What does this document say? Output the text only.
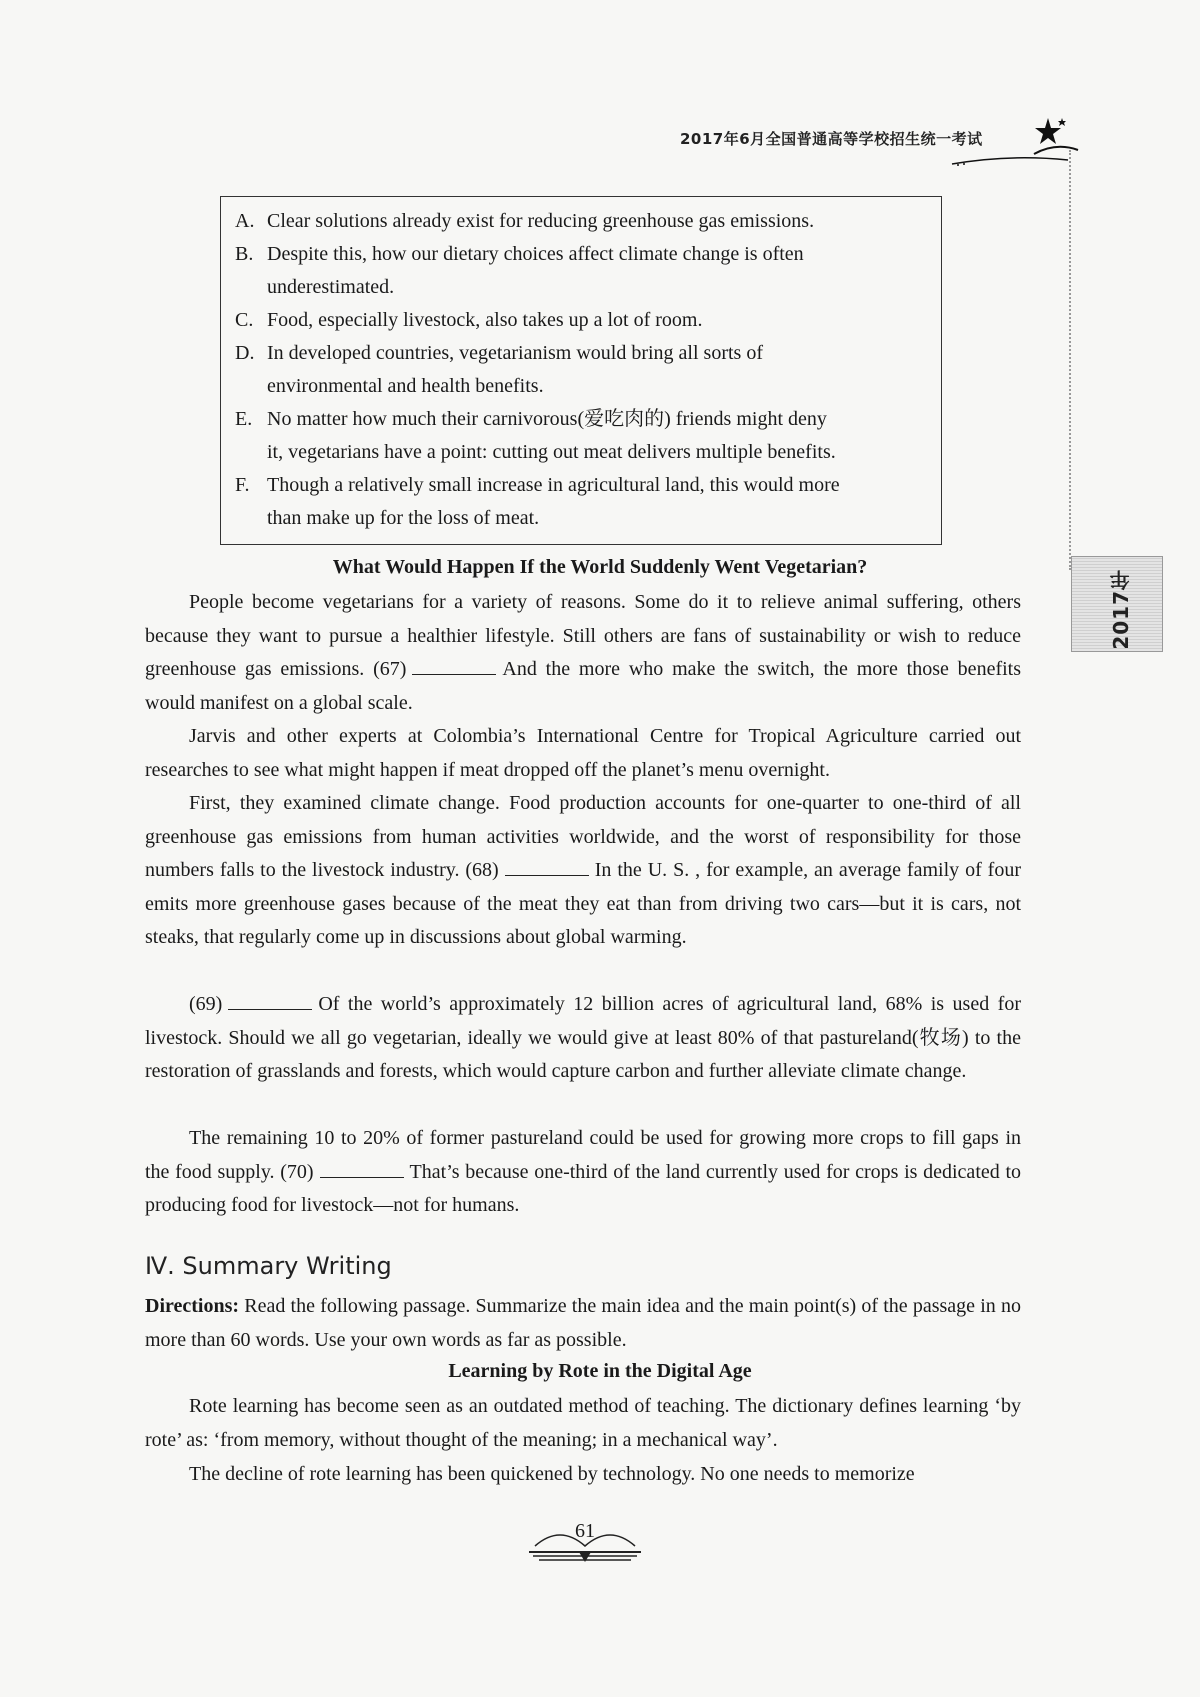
2017年6月全国普通高等学校招生统一考试
2017年
A. Clear solutions already exist for reducing greenhouse gas emissions.
B. Despite this, how our dietary choices affect climate change is often
underestimated.
C. Food, especially livestock, also takes up a lot of room.
D. In developed countries, vegetarianism would bring all sorts of
environmental and health benefits.
E. No matter how much their carnivorous(爱吃肉的) friends might deny
it, vegetarians have a point: cutting out meat delivers multiple benefits.
F. Though a relatively small increase in agricultural land, this would more
than make up for the loss of meat.
What Would Happen If the World Suddenly Went Vegetarian?
People become vegetarians for a variety of reasons. Some do it to relieve animal suffering, others because they want to pursue a healthier lifestyle. Still others are fans of sustainability or wish to reduce greenhouse gas emissions. (67)	And the more who make the switch, the more those benefits would manifest on a global scale.
Jarvis and other experts at Colombia’s International Centre for Tropical Agriculture carried out researches to see what might happen if meat dropped off the planet’s menu overnight.
First, they examined climate change. Food production accounts for one-quarter to one-third of all greenhouse gas emissions from human activities worldwide, and the worst of responsibility for those numbers falls to the livestock industry. (68)	In the U. S. , for example, an average family of four emits more greenhouse gases because of the meat they eat than from driving two cars—but it is cars, not steaks, that regularly come up in discussions about global warming.
(69)	Of the world’s approximately 12 billion acres of agricultural land, 68% is used for livestock. Should we all go vegetarian, ideally we would give at least 80% of that pastureland(牧场) to the restoration of grasslands and forests, which would capture carbon and further alleviate climate change.
The remaining 10 to 20% of former pastureland could be used for growing more crops to fill gaps in the food supply. (70)	That’s because one-third of the land currently used for crops is dedicated to producing food for livestock—not for humans.
Ⅳ. Summary Writing
Directions: Read the following passage. Summarize the main idea and the main point(s) of the passage in no more than 60 words. Use your own words as far as possible.
Learning by Rote in the Digital Age
Rote learning has become seen as an outdated method of teaching. The dictionary defines learning ‘by rote’ as: ‘from memory, without thought of the meaning; in a mechanical way’.
The decline of rote learning has been quickened by technology. No one needs to memorize
61
